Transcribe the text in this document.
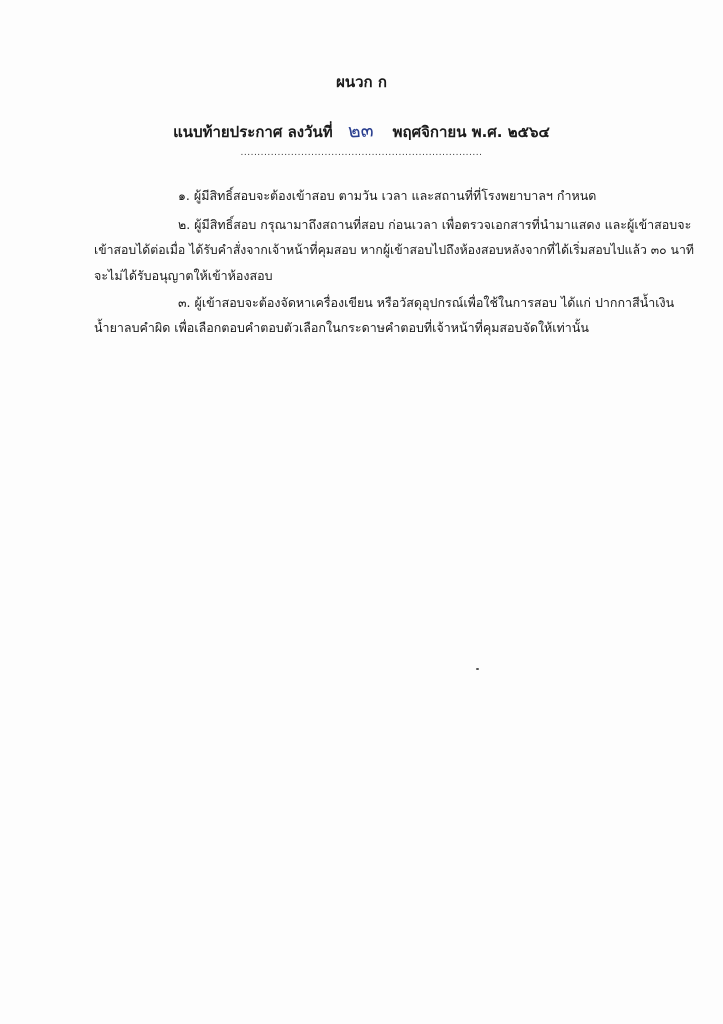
ผนวก ก
แนบท้ายประกาศ ลงวันที่ ๒๓ พฤศจิกายน พ.ศ. ๒๕๖๔
........................................................................
๑. ผู้มีสิทธิ์สอบจะต้องเข้าสอบ ตามวัน เวลา และสถานที่ที่โรงพยาบาลฯ กำหนด
๒. ผู้มีสิทธิ์สอบ กรุณามาถึงสถานที่สอบ ก่อนเวลา เพื่อตรวจเอกสารที่นำมาแสดง และผู้เข้าสอบจะ
เข้าสอบได้ต่อเมื่อ ได้รับคำสั่งจากเจ้าหน้าที่คุมสอบ หากผู้เข้าสอบไปถึงห้องสอบหลังจากที่ได้เริ่มสอบไปแล้ว ๓๐ นาที
จะไม่ได้รับอนุญาตให้เข้าห้องสอบ
๓. ผู้เข้าสอบจะต้องจัดหาเครื่องเขียน หรือวัสดุอุปกรณ์เพื่อใช้ในการสอบ ได้แก่ ปากกาสีน้ำเงิน
น้ำยาลบคำผิด เพื่อเลือกตอบคำตอบตัวเลือกในกระดาษคำตอบที่เจ้าหน้าที่คุมสอบจัดให้เท่านั้น
